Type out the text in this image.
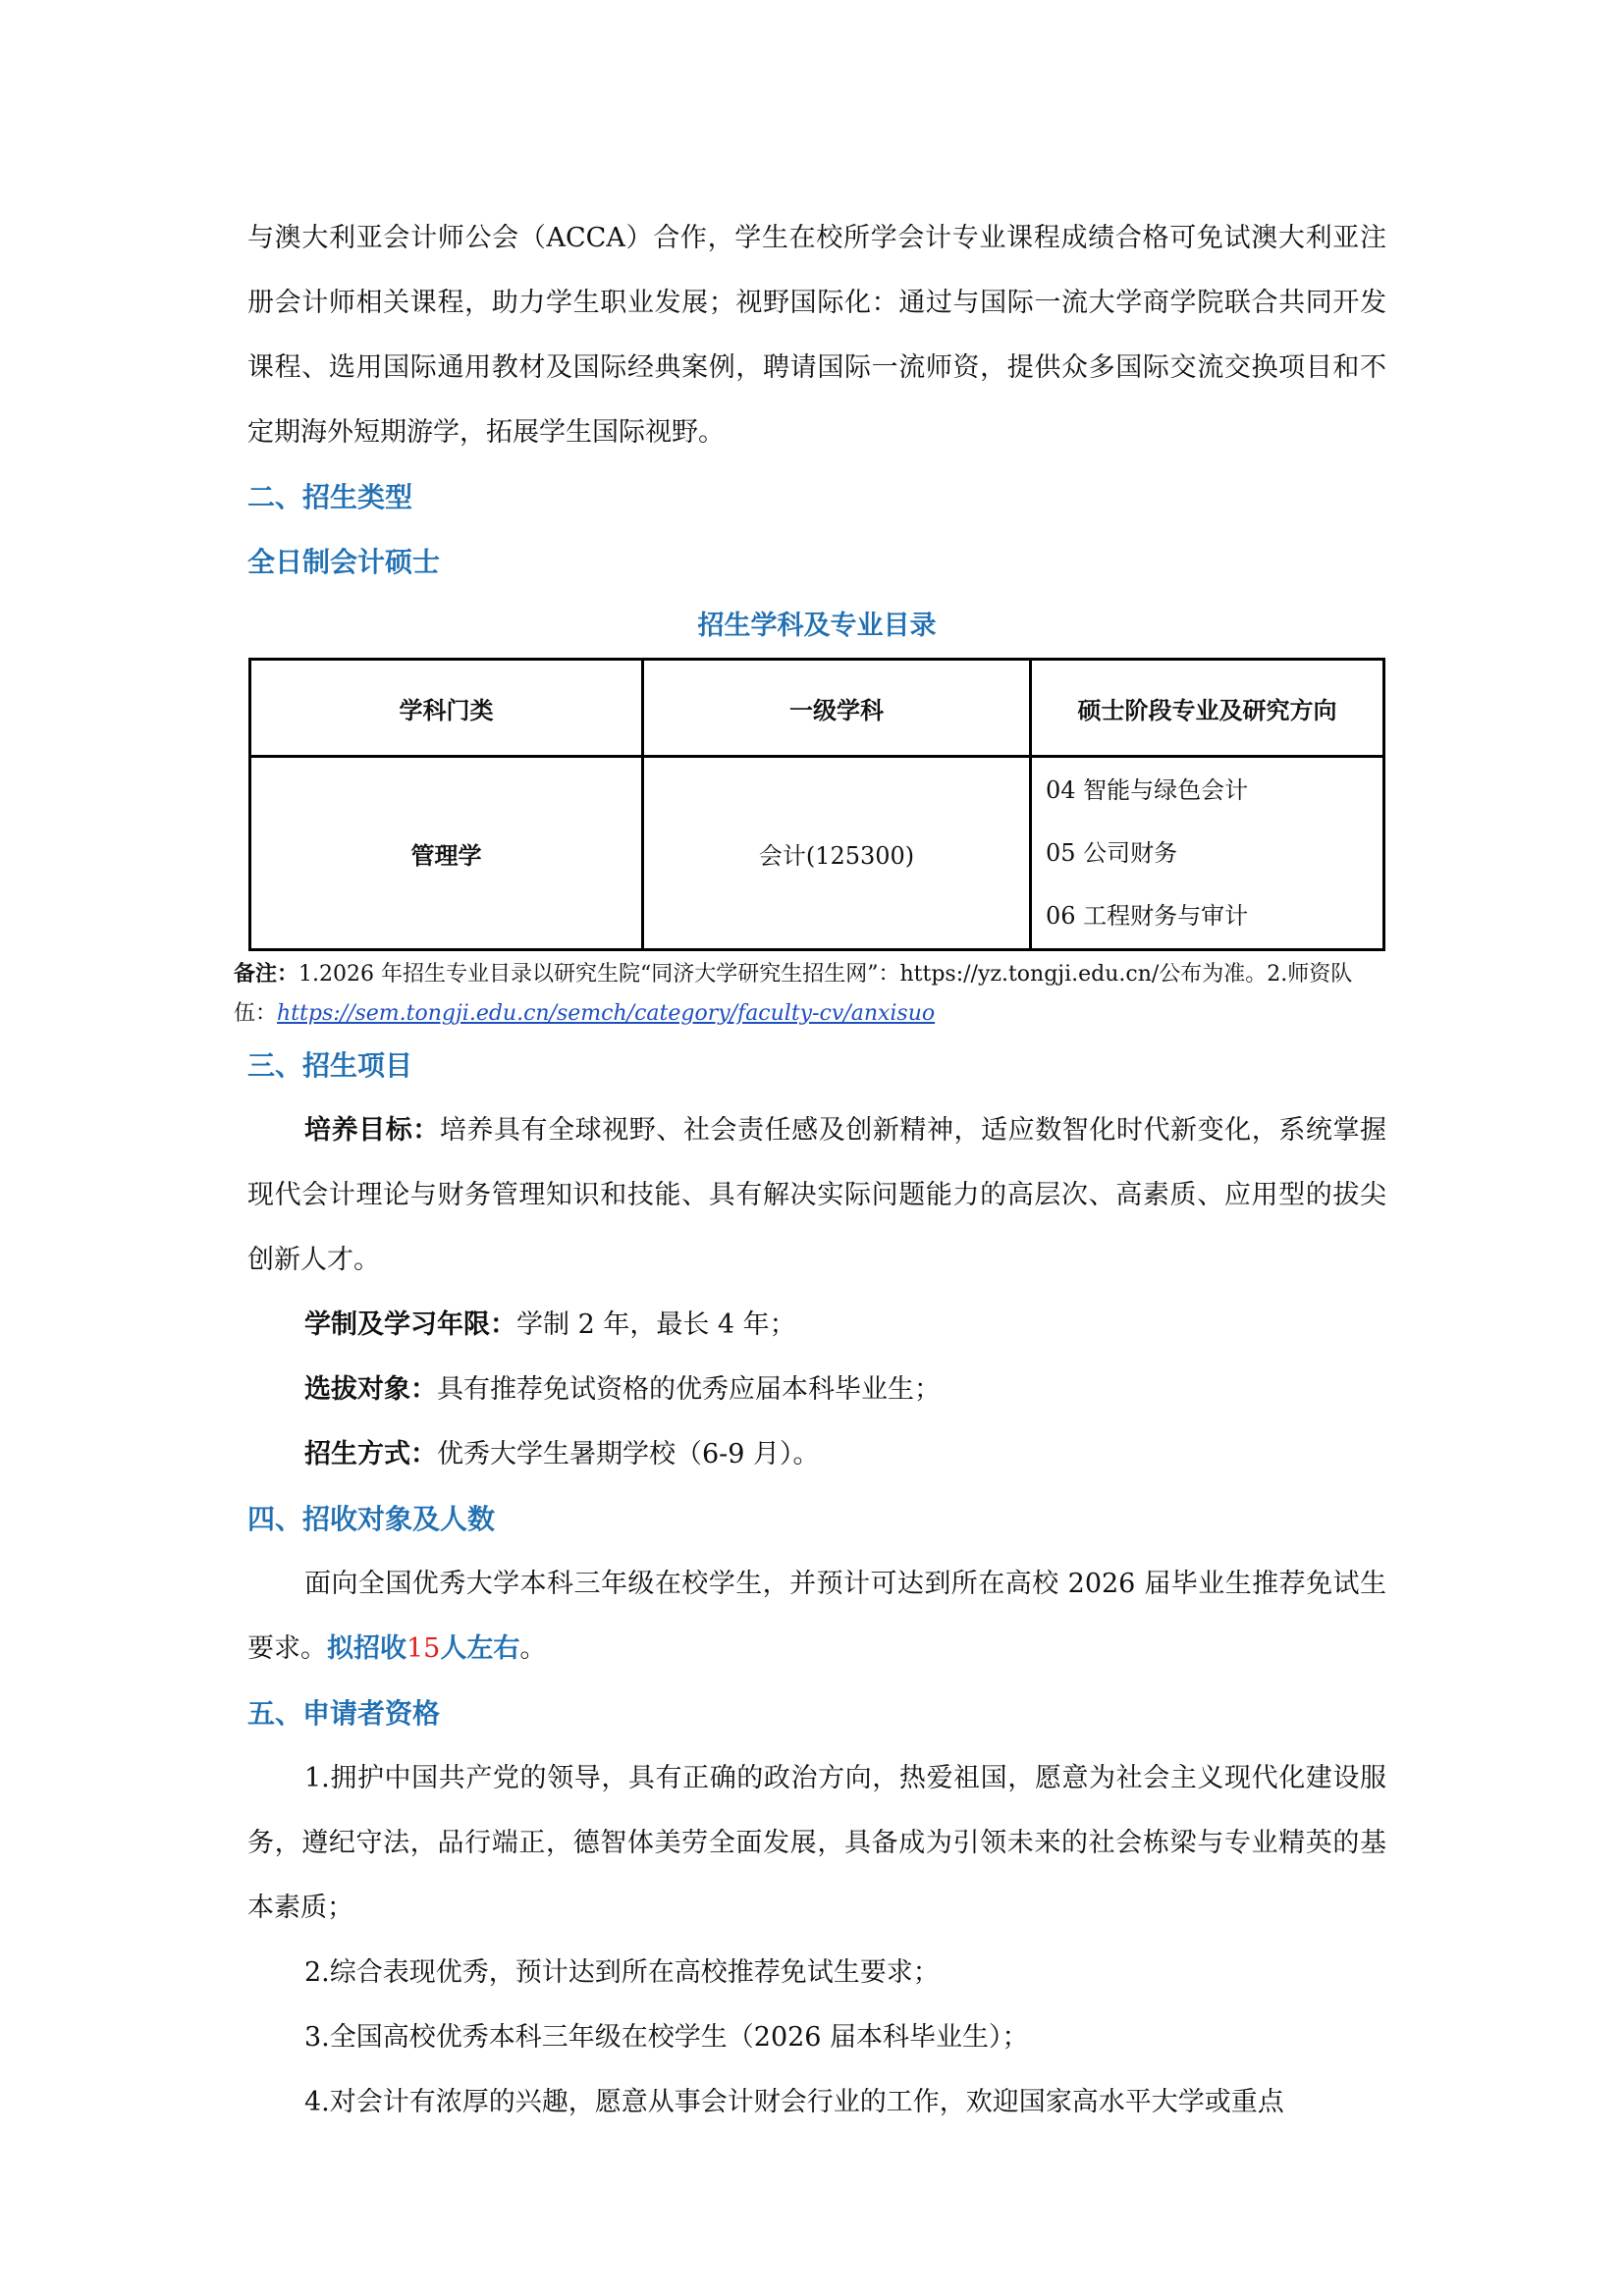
与澳大利亚会计师公会（ACCA）合作，学生在校所学会计专业课程成绩合格可免试澳大利亚注册会计师相关课程，助力学生职业发展；视野国际化：通过与国际一流大学商学院联合共同开发课程、选用国际通用教材及国际经典案例，聘请国际一流师资，提供众多国际交流交换项目和不定期海外短期游学，拓展学生国际视野。

二、招生类型

全日制会计硕士

招生学科及专业目录

学科门类	一级学科	硕士阶段专业及研究方向
管理学	会计(125300)	04 智能与绿色会计
05 公司财务
06 工程财务与审计

备注：1.2026 年招生专业目录以研究生院“同济大学研究生招生网”：https://yz.tongji.edu.cn/公布为准。2.师资队伍：https://sem.tongji.edu.cn/semch/category/faculty-cv/anxisuo

三、招生项目

培养目标：培养具有全球视野、社会责任感及创新精神，适应数智化时代新变化，系统掌握现代会计理论与财务管理知识和技能、具有解决实际问题能力的高层次、高素质、应用型的拔尖创新人才。

学制及学习年限：学制 2 年，最长 4 年；

选拔对象：具有推荐免试资格的优秀应届本科毕业生；

招生方式：优秀大学生暑期学校（6-9 月）。

四、招收对象及人数

面向全国优秀大学本科三年级在校学生，并预计可达到所在高校 2026 届毕业生推荐免试生要求。拟招收15人左右。

五、申请者资格

1.拥护中国共产党的领导，具有正确的政治方向，热爱祖国，愿意为社会主义现代化建设服务，遵纪守法，品行端正，德智体美劳全面发展，具备成为引领未来的社会栋梁与专业精英的基本素质；

2.综合表现优秀，预计达到所在高校推荐免试生要求；

3.全国高校优秀本科三年级在校学生（2026 届本科毕业生）；

4.对会计有浓厚的兴趣，愿意从事会计财会行业的工作，欢迎国家高水平大学或重点
